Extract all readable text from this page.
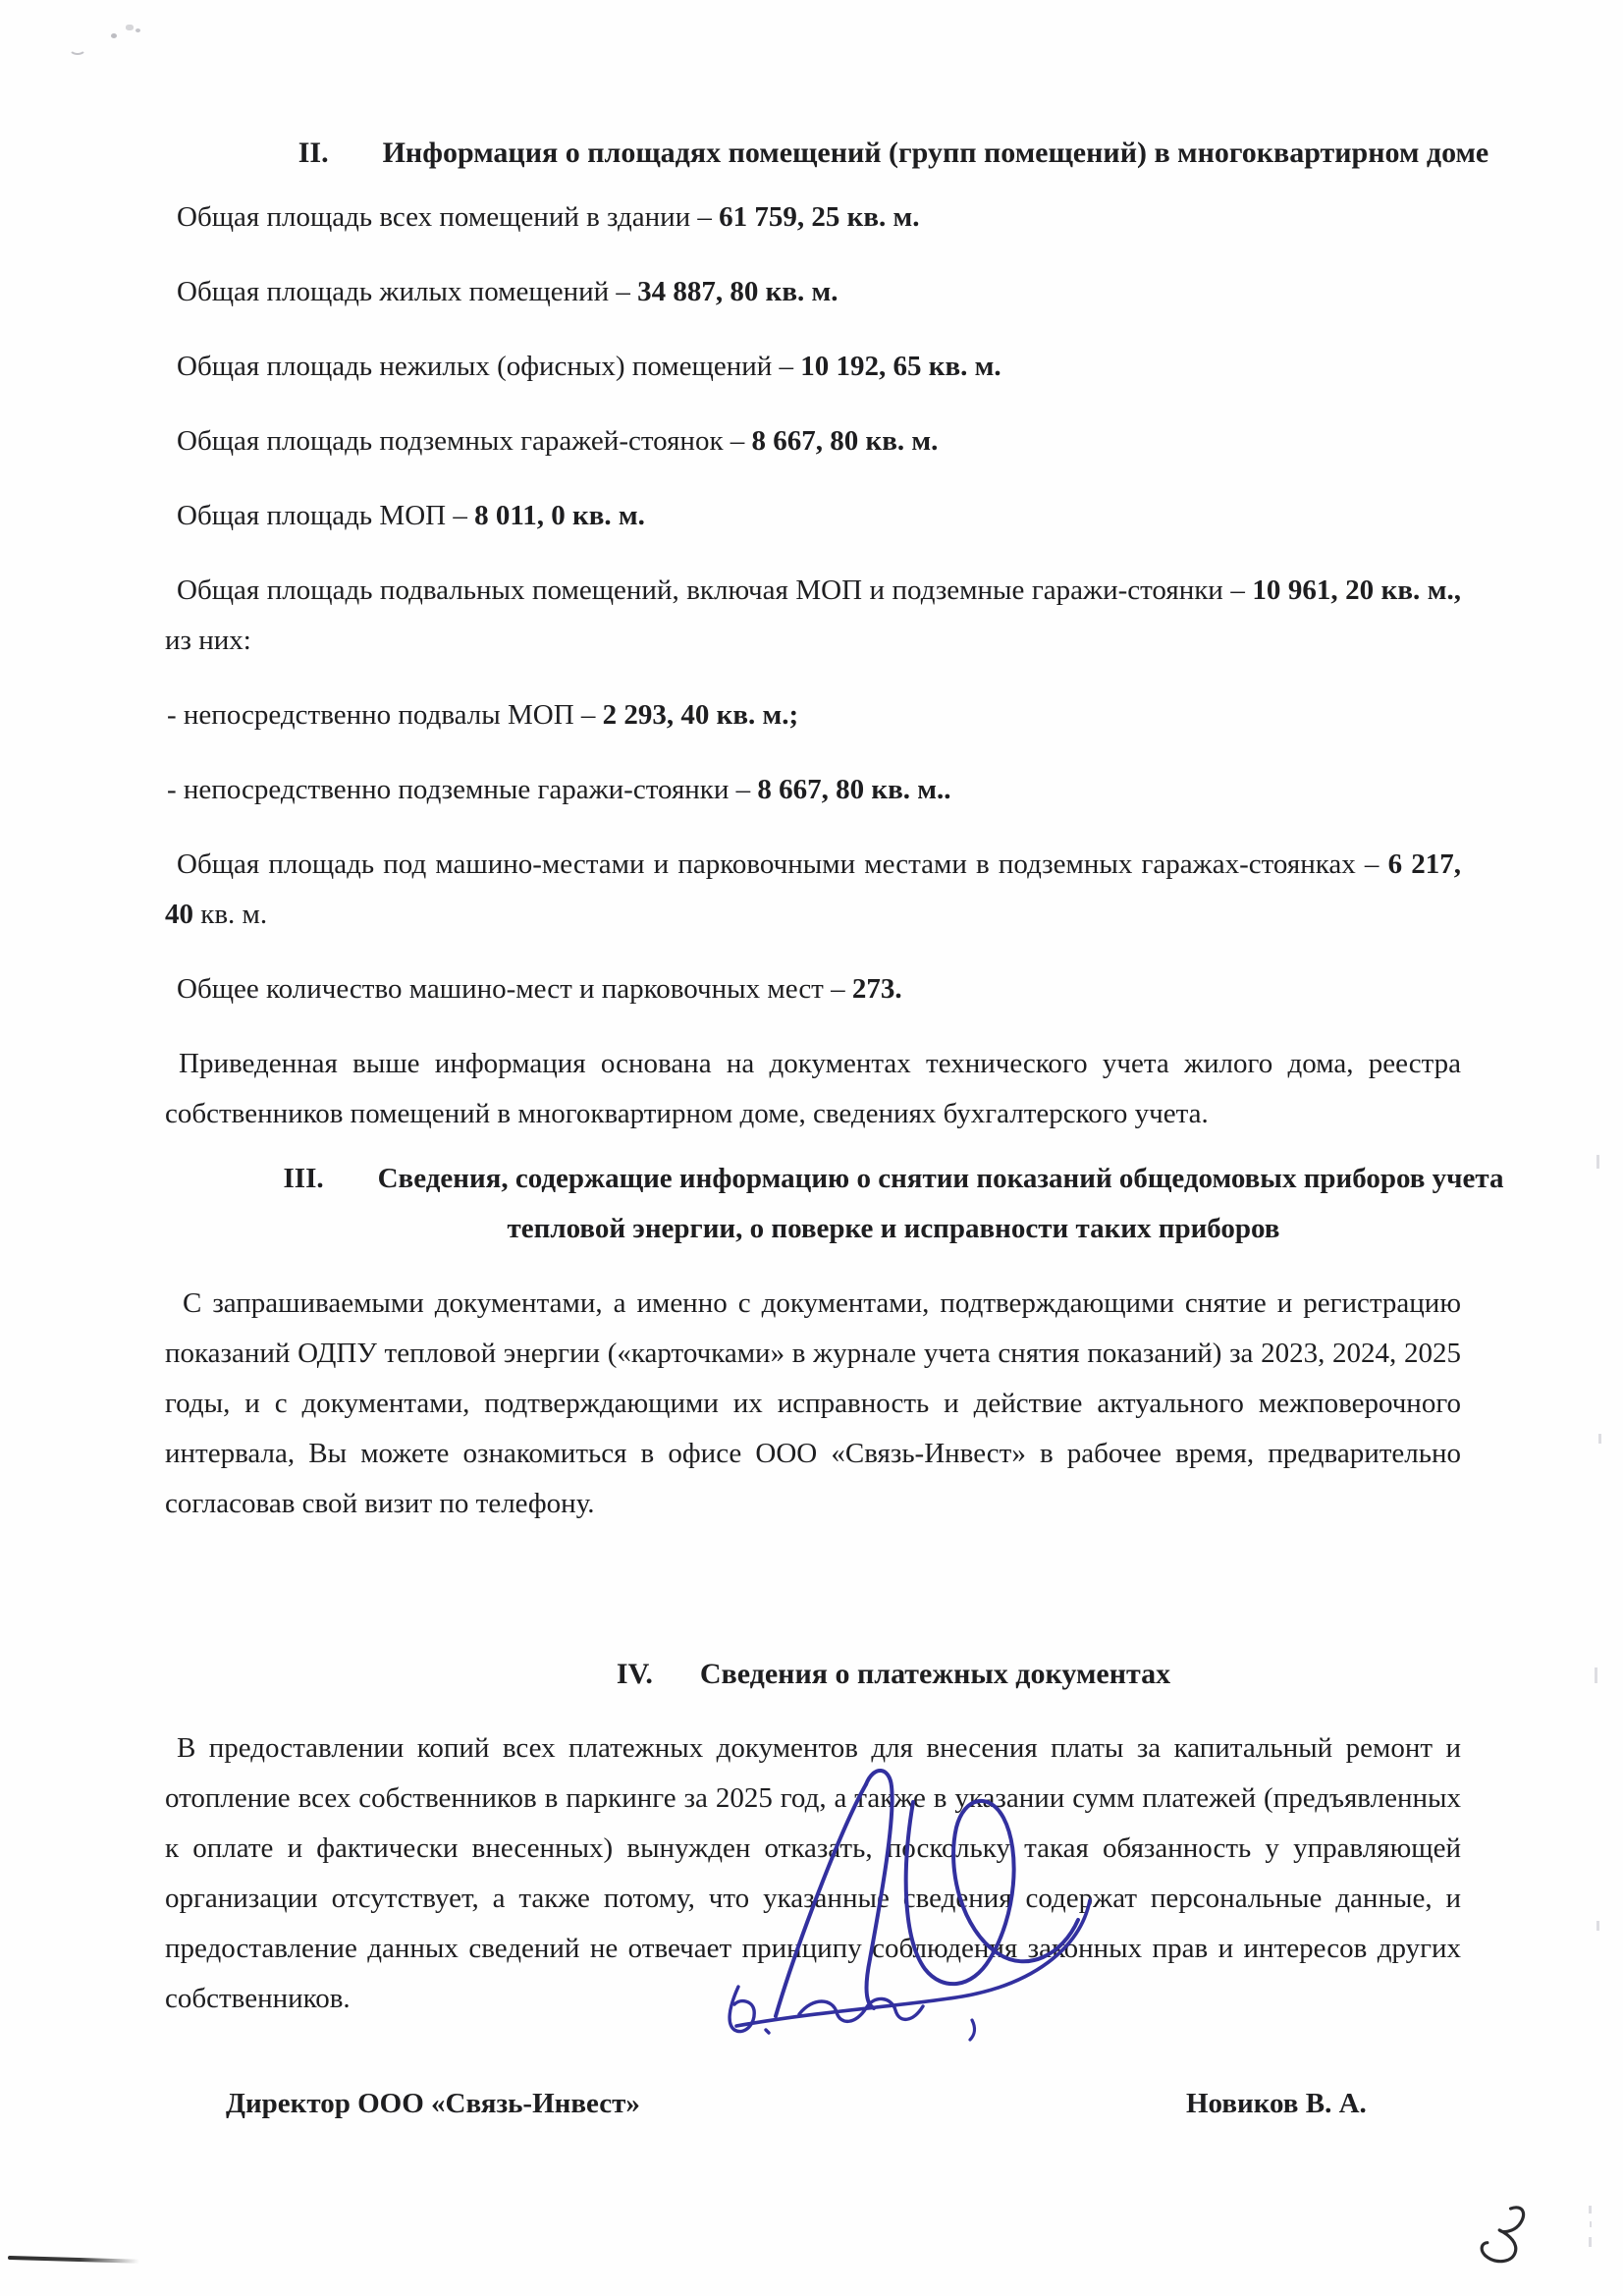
II. Информация о площадях помещений (групп помещений) в многоквартирном доме

Общая площадь всех помещений в здании – 61 759, 25 кв. м.

Общая площадь жилых помещений – 34 887, 80 кв. м.

Общая площадь нежилых (офисных) помещений – 10 192, 65 кв. м.

Общая площадь подземных гаражей-стоянок – 8 667, 80 кв. м.

Общая площадь МОП – 8 011, 0 кв. м.

Общая площадь подвальных помещений, включая МОП и подземные гаражи-стоянки – 10 961, 20 кв. м., из них:

- непосредственно подвалы МОП – 2 293, 40 кв. м.;

- непосредственно подземные гаражи-стоянки – 8 667, 80 кв. м..

Общая площадь под машино-местами и парковочными местами в подземных гаражах-стоянках – 6 217, 40 кв. м.

Общее количество машино-мест и парковочных мест – 273.

Приведенная выше информация основана на документах технического учета жилого дома, реестра собственников помещений в многоквартирном доме, сведениях бухгалтерского учета.

III. Сведения, содержащие информацию о снятии показаний общедомовых приборов учета
тепловой энергии, о поверке и исправности таких приборов

С запрашиваемыми документами, а именно с документами, подтверждающими снятие и регистрацию показаний ОДПУ тепловой энергии («карточками» в журнале учета снятия показаний) за 2023, 2024, 2025 годы, и с документами, подтверждающими их исправность и действие актуального межповерочного интервала, Вы можете ознакомиться в офисе ООО «Связь-Инвест» в рабочее время, предварительно согласовав свой визит по телефону.

IV. Сведения о платежных документах

В предоставлении копий всех платежных документов для внесения платы за капитальный ремонт и отопление всех собственников в паркинге за 2025 год, а также в указании сумм платежей (предъявленных к оплате и фактически внесенных) вынужден отказать, поскольку такая обязанность у управляющей организации отсутствует, а также потому, что указанные сведения содержат персональные данные, и предоставление данных сведений не отвечает принципу соблюдения законных прав и интересов других собственников.

Директор ООО «Связь-Инвест»	Новиков В. А.
